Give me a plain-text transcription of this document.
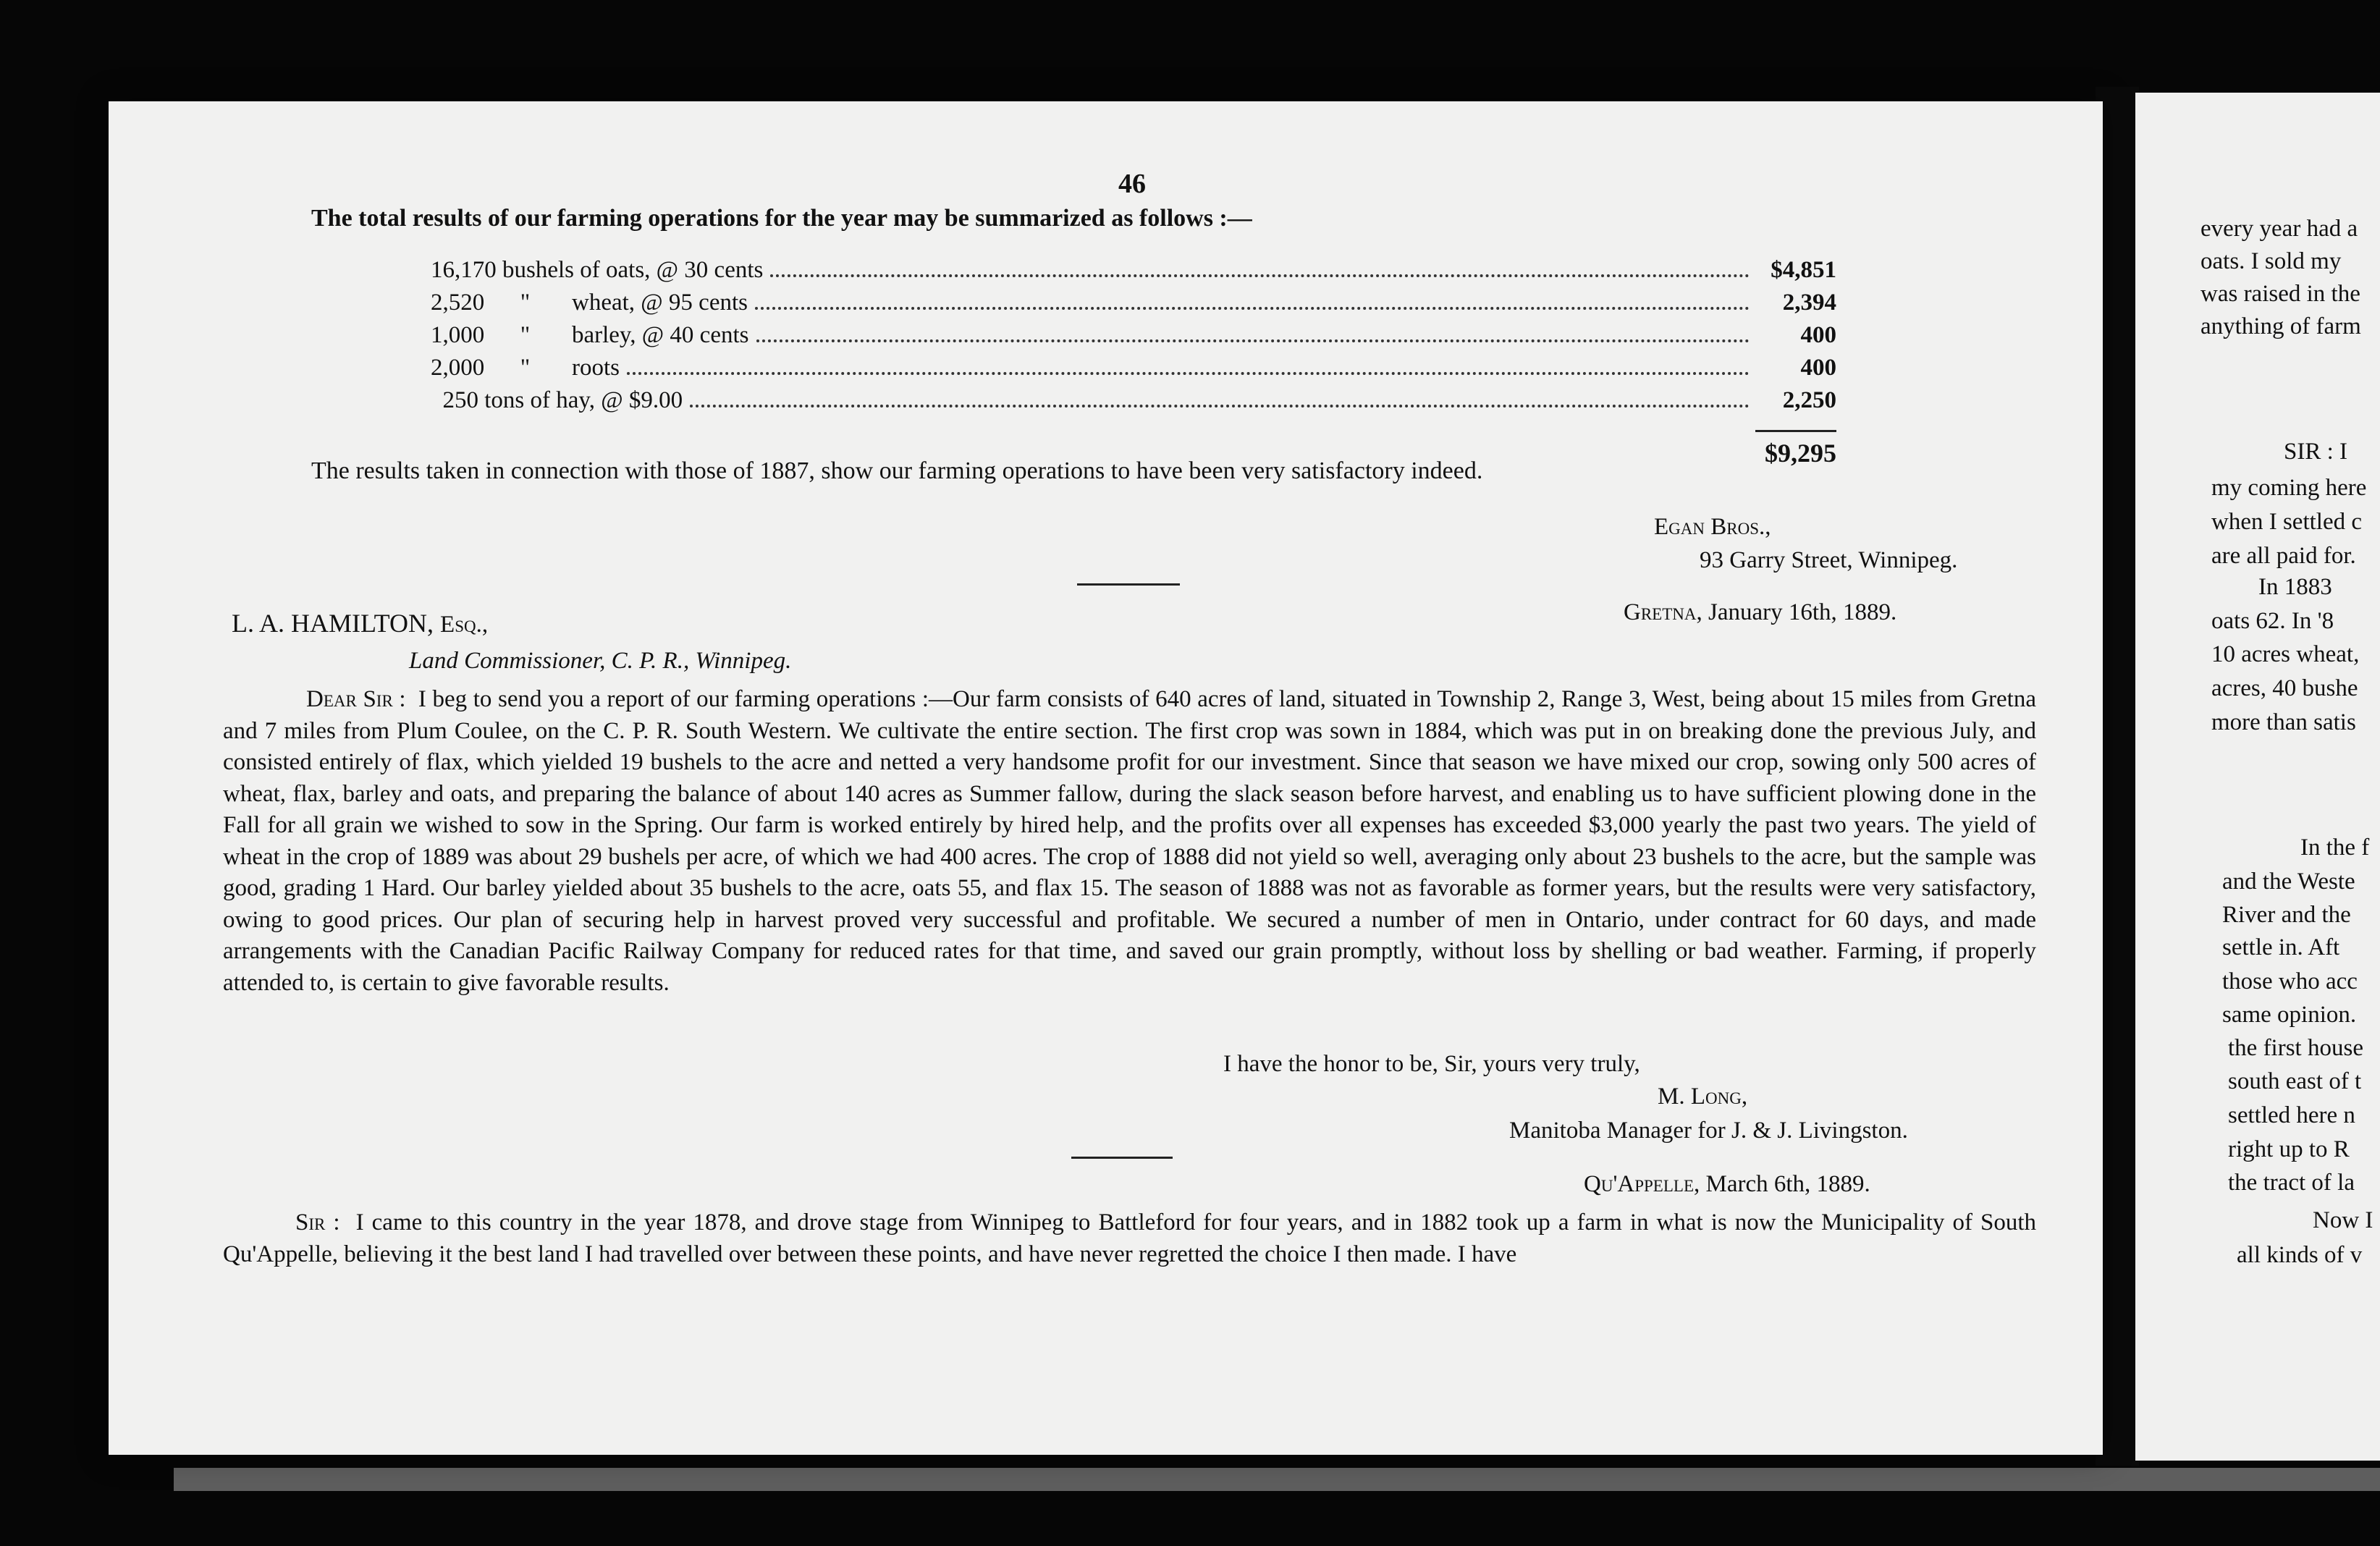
every year had a
oats. I sold my
was raised in the
anything of farm
SIR : I
my coming here
when I settled c
are all paid for.
In 1883
oats 62. In '8
10 acres wheat,
acres, 40 bushe
more than satis
In the f
and the Weste
River and the
settle in. Aft
those who acc
same opinion.
the first house
south east of t
settled here n
right up to R
the tract of la
Now I
all kinds of v
46
The total results of our farming operations for the year may be summarized as follows :—
16,170 bushels of oats, @ 30 cents	$4,851
2,520 " wheat, @ 95 cents	2,394
1,000 " barley, @ 40 cents	400
2,000 " roots	400
250 tons of hay, @ $9.00	2,250
$9,295
The results taken in connection with those of 1887, show our farming operations to have been very satisfactory indeed.
Egan Bros.,
93 Garry Street, Winnipeg.
Gretna, January 16th, 1889.
L. A. HAMILTON, Esq.,
Land Commissioner, C. P. R., Winnipeg.
Dear Sir : I beg to send you a report of our farming operations :—Our farm consists of 640 acres of land, situated in Township 2, Range 3, West, being about 15 miles from Gretna and 7 miles from Plum Coulee, on the C. P. R. South Western. We cultivate the entire section. The first crop was sown in 1884, which was put in on breaking done the previous July, and consisted entirely of flax, which yielded 19 bushels to the acre and netted a very handsome profit for our investment. Since that season we have mixed our crop, sowing only 500 acres of wheat, flax, barley and oats, and preparing the balance of about 140 acres as Summer fallow, during the slack season before harvest, and enabling us to have sufficient plowing done in the Fall for all grain we wished to sow in the Spring. Our farm is worked entirely by hired help, and the profits over all expenses has exceeded $3,000 yearly the past two years. The yield of wheat in the crop of 1889 was about 29 bushels per acre, of which we had 400 acres. The crop of 1888 did not yield so well, averaging only about 23 bushels to the acre, but the sample was good, grading 1 Hard. Our barley yielded about 35 bushels to the acre, oats 55, and flax 15. The season of 1888 was not as favorable as former years, but the results were very satisfactory, owing to good prices. Our plan of securing help in harvest proved very successful and profitable. We secured a number of men in Ontario, under contract for 60 days, and made arrangements with the Canadian Pacific Railway Company for reduced rates for that time, and saved our grain promptly, without loss by shelling or bad weather. Farming, if properly attended to, is certain to give favorable results.
I have the honor to be, Sir, yours very truly,
M. Long,
Manitoba Manager for J. & J. Livingston.
Qu'Appelle, March 6th, 1889.
Sir : I came to this country in the year 1878, and drove stage from Winnipeg to Battleford for four years, and in 1882 took up a farm in what is now the Municipality of South Qu'Appelle, believing it the best land I had travelled over between these points, and have never regretted the choice I then made. I have
